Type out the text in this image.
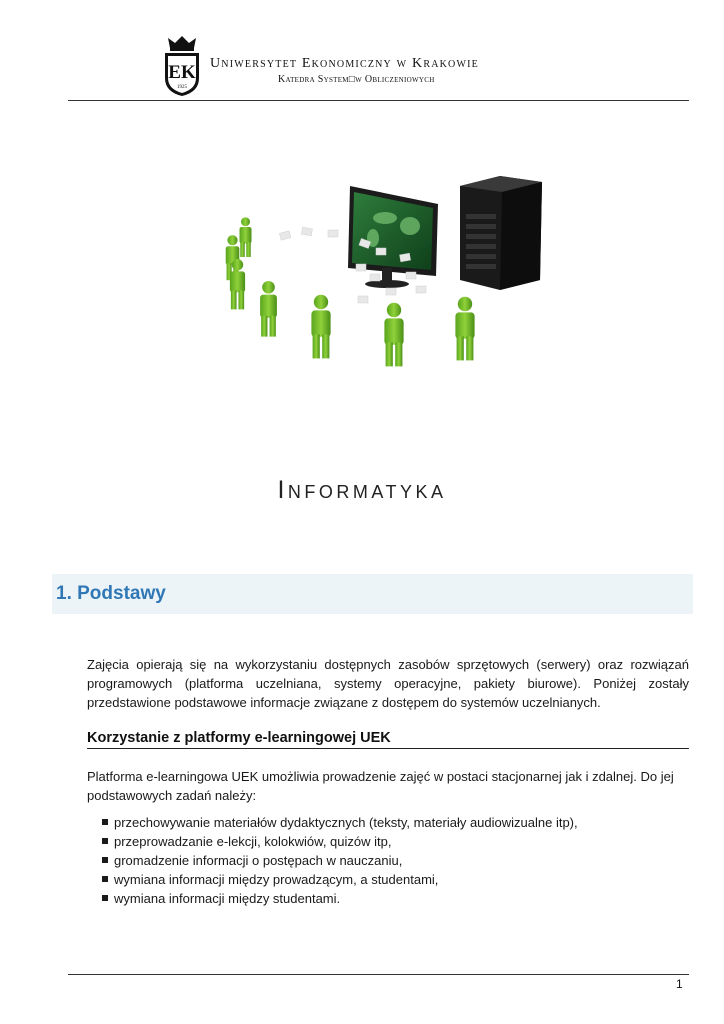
EK
1925
Uniwersytet Ekonomiczny w Krakowie
Katedra System□w Obliczeniowych
Informatyka
1. Podstawy
Zajęcia opierają się na wykorzystaniu dostępnych zasobów sprzętowych (serwery) oraz rozwiązań programowych (platforma uczelniana, systemy operacyjne, pakiety biurowe). Poniżej zostały przedstawione podstawowe informacje związane z dostępem do systemów uczelnianych.
Korzystanie z platformy e-learningowej UEK
Platforma e-learningowa UEK umożliwia prowadzenie zajęć w postaci stacjonarnej jak i zdalnej. Do jej podstawowych zadań należy:
przechowywanie materiałów dydaktycznych (teksty, materiały audiowizualne itp),
przeprowadzanie e-lekcji, kolokwiów, quizów itp,
gromadzenie informacji o postępach w nauczaniu,
wymiana informacji między prowadzącym, a studentami,
wymiana informacji między studentami.
1
